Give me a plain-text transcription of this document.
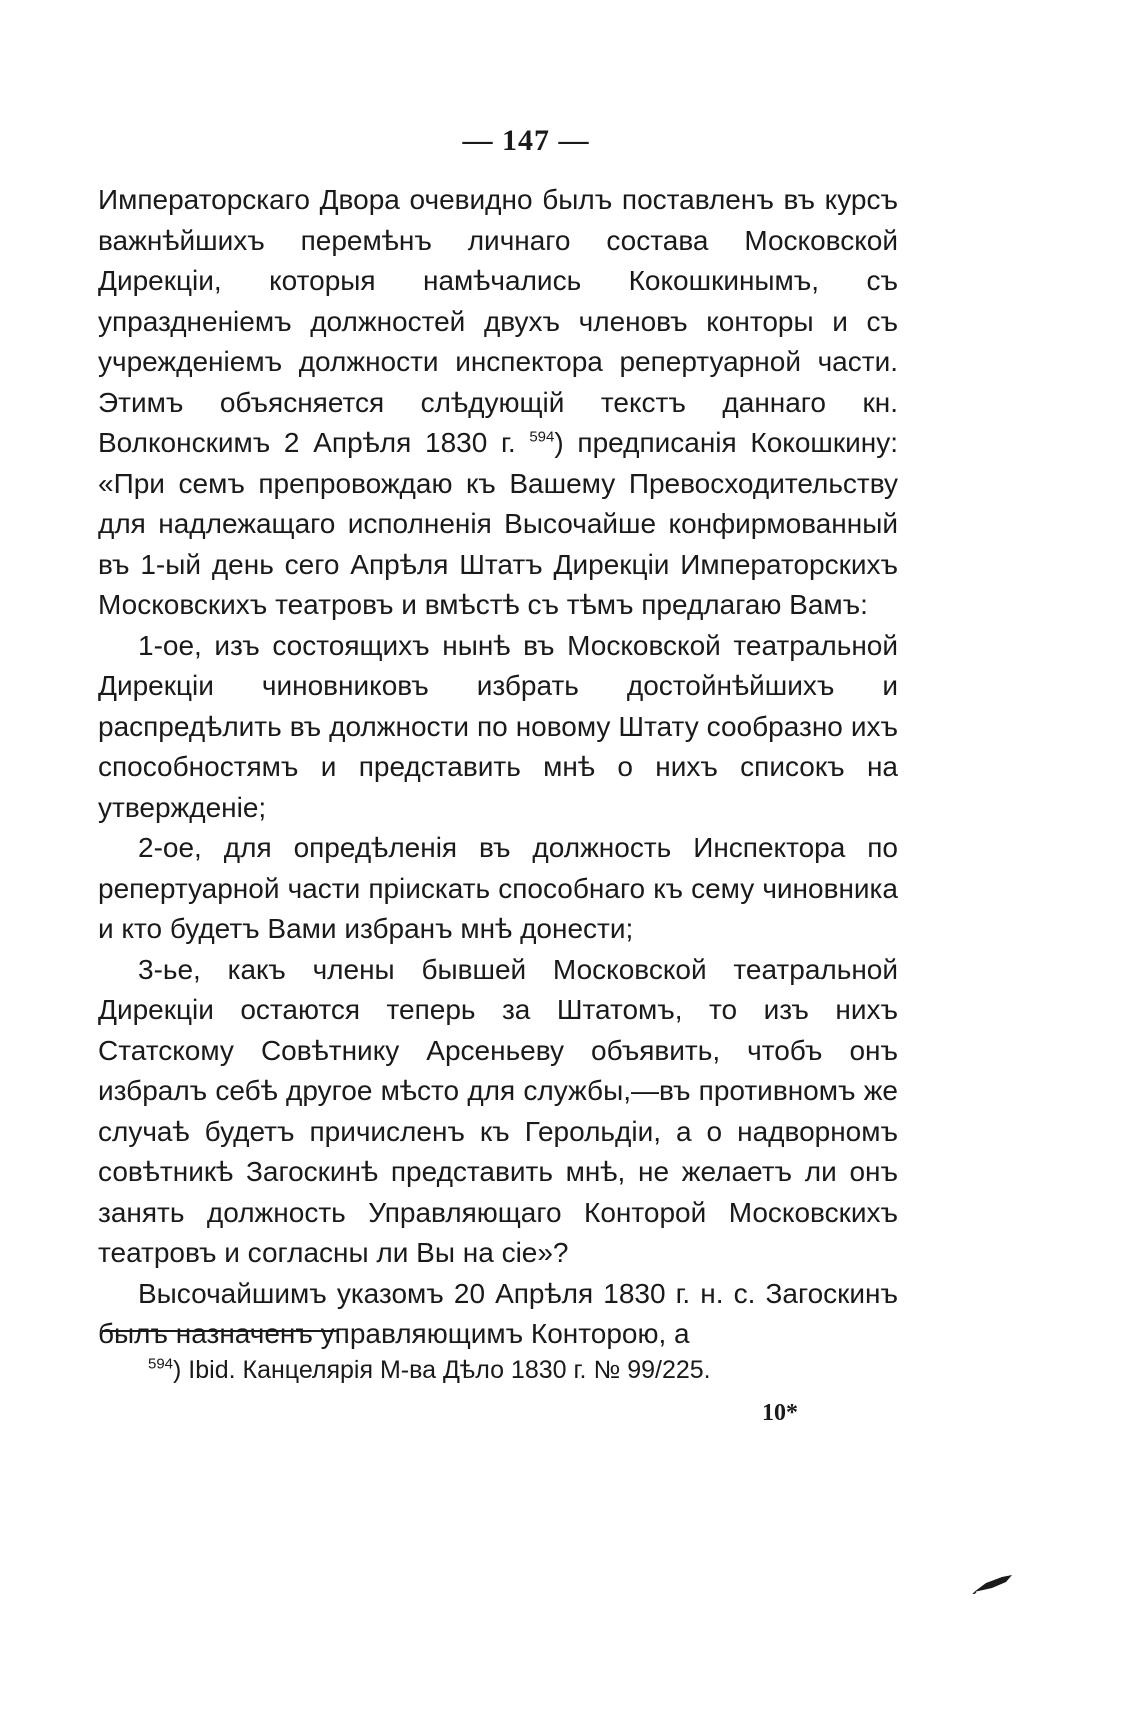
— 147 —

Императорскаго Двора очевидно былъ поставленъ въ курсъ важнѣйшихъ перемѣнъ личнаго состава Московской Дирекціи, которыя намѣчались Кокошкинымъ, съ упраздненіемъ должностей двухъ членовъ конторы и съ учрежденіемъ должности инспектора репертуарной части. Этимъ объясняется слѣдующій текстъ даннаго кн. Волконскимъ 2 Апрѣля 1830 г. $^{594}$) предписанія Кокошкину: «При семъ препровождаю къ Вашему Превосходительству для надлежащаго исполненія Высочайше конфирмованный въ 1-ый день сего Апрѣля Штатъ Дирекціи Императорскихъ Московскихъ театровъ и вмѣстѣ съ тѣмъ предлагаю Вамъ:

1-ое, изъ состоящихъ нынѣ въ Московской театральной Дирекціи чиновниковъ избрать достойнѣйшихъ и распредѣлить въ должности по новому Штату сообразно ихъ способностямъ и представить мнѣ о нихъ списокъ на утвержденіе;

2-ое, для опредѣленія въ должность Инспектора по репертуарной части пріискать способнаго къ сему чиновника и кто будетъ Вами избранъ мнѣ донести;

3-ье, какъ члены бывшей Московской театральной Дирекціи остаются теперь за Штатомъ, то изъ нихъ Статскому Совѣтнику Арсеньеву объявить, чтобъ онъ избралъ себѣ другое мѣсто для службы,—въ противномъ же случаѣ будетъ причисленъ къ Герольдіи, а о надворномъ совѣтникѣ Загоскинѣ представить мнѣ, не желаетъ ли онъ занять должность Управляющаго Конторой Московскихъ театровъ и согласны ли Вы на сіе»?

Высочайшимъ указомъ 20 Апрѣля 1830 г. н. с. Загоскинъ былъ назначенъ управляющимъ Конторою, а

$^{594}$) Ibid. Канцелярія М-ва Дѣло 1830 г. № 99/225.
10*
